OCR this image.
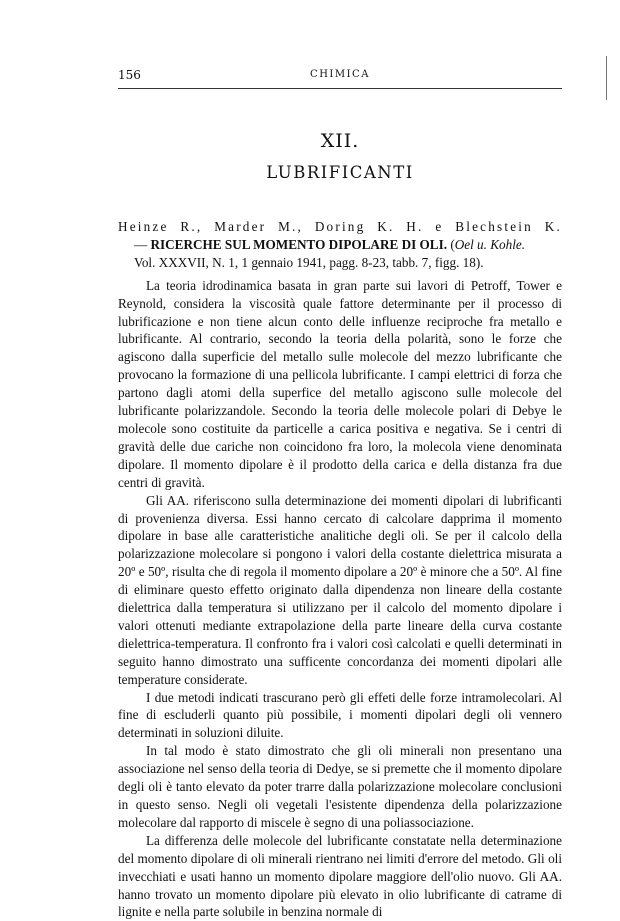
156	CHIMICA
XII.
LUBRIFICANTI
Heinze R., Marder M., Doring K. H. e Blechstein K.
— RICERCHE SUL MOMENTO DIPOLARE DI OLI. (Oel u. Kohle.
Vol. XXXVII, N. 1, 1 gennaio 1941, pagg. 8-23, tabb. 7, figg. 18).

La teoria idrodinamica basata in gran parte sui lavori di Petroff, Tower e Reynold, considera la viscosità quale fattore determinante per il processo di lubrificazione e non tiene alcun conto delle influenze reciproche fra metallo e lubrificante. Al contrario, secondo la teoria della polarità, sono le forze che agiscono dalla superficie del metallo sulle molecole del mezzo lubrificante che provocano la formazione di una pellicola lubrificante. I campi elettrici di forza che partono dagli atomi della superfice del metallo agiscono sulle molecole del lubrificante polarizzandole. Secondo la teoria delle molecole polari di Debye le molecole sono costituite da particelle a carica positiva e negativa. Se i centri di gravità delle due cariche non coincidono fra loro, la molecola viene denominata dipolare. Il momento dipolare è il prodotto della carica e della distanza fra due centri di gravità.

Gli AA. riferiscono sulla determinazione dei momenti dipolari di lubrificanti di provenienza diversa. Essi hanno cercato di calcolare dapprima il momento dipolare in base alle caratteristiche analitiche degli oli. Se per il calcolo della polarizzazione molecolare si pongono i valori della costante dielettrica misurata a 20º e 50º, risulta che di regola il momento dipolare a 20º è minore che a 50º. Al fine di eliminare questo effetto originato dalla dipendenza non lineare della costante dielettrica dalla temperatura si utilizzano per il calcolo del momento dipolare i valori ottenuti mediante extrapolazione della parte lineare della curva costante dielettrica-temperatura. Il confronto fra i valori così calcolati e quelli determinati in seguito hanno dimostrato una sufficente concordanza dei momenti dipolari alle temperature considerate.

I due metodi indicati trascurano però gli effeti delle forze intramolecolari. Al fine di escluderli quanto più possibile, i momenti dipolari degli oli vennero determinati in soluzioni diluite.

In tal modo è stato dimostrato che gli oli minerali non presentano una associazione nel senso della teoria di Dedye, se si premette che il momento dipolare degli oli è tanto elevato da poter trarre dalla polarizzazione molecolare conclusioni in questo senso. Negli oli vegetali l'esistente dipendenza della polarizzazione molecolare dal rapporto di miscele è segno di una poliassociazione.

La differenza delle molecole del lubrificante constatate nella determinazione del momento dipolare di oli minerali rientrano nei limiti d'errore del metodo. Gli oli invecchiati e usati hanno un momento dipolare maggiore dell'olio nuovo. Gli AA. hanno trovato un momento dipolare più elevato in olio lubrificante di catrame di lignite e nella parte solubile in benzina normale di
